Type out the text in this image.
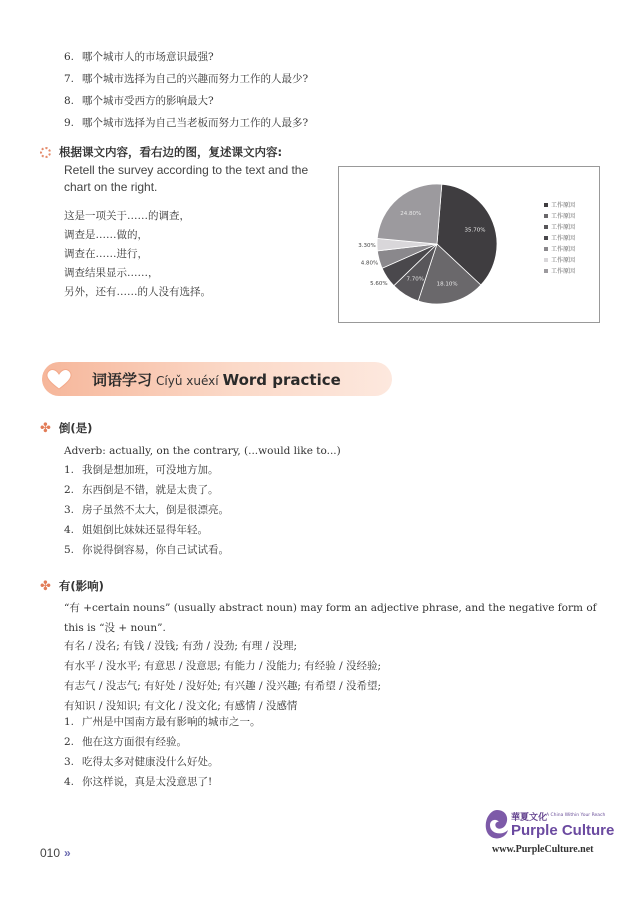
6. 哪个城市人的市场意识最强?
7. 哪个城市选择为自己的兴趣而努力工作的人最少?
8. 哪个城市受西方的影响最大?
9. 哪个城市选择为自己当老板而努力工作的人最多?
根据课文内容，看右边的图，复述课文内容:
Retell the survey according to the text and the chart on the right.
这是一项关于……的调查，
调查是……做的，
调查在……进行，
调查结果显示……，
另外，还有……的人没有选择。
35.70%
18.10%
7.70%
5.60%
4.80%
3.30%
24.80%
工作原因
工作原因
工作原因
工作原因
工作原因
工作原因
工作原因
词语学习 Cíyǔ xuéxí Word practice
✤ 倒(是)
Adverb: actually, on the contrary, (...would like to...)
1. 我倒是想加班，可没地方加。
2. 东西倒是不错，就是太贵了。
3. 房子虽然不太大，倒是很漂亮。
4. 姐姐倒比妹妹还显得年轻。
5. 你说得倒容易，你自己试试看。
✤ 有(影响)
“有 +certain nouns” (usually abstract noun) may form an adjective phrase, and the negative form of this is “没 + noun”.
有名 / 没名; 有钱 / 没钱; 有劲 / 没劲; 有理 / 没理;
有水平 / 没水平; 有意思 / 没意思; 有能力 / 没能力; 有经验 / 没经验;
有志气 / 没志气; 有好处 / 没好处; 有兴趣 / 没兴趣; 有希望 / 没希望;
有知识 / 没知识; 有文化 / 没文化; 有感情 / 没感情
1. 广州是中国南方最有影响的城市之一。
2. 他在这方面很有经验。
3. 吃得太多对健康没什么好处。
4. 你这样说，真是太没意思了!
010 »
華夏文化
A China Within Your Reach
Purple Culture
www.PurpleCulture.net
